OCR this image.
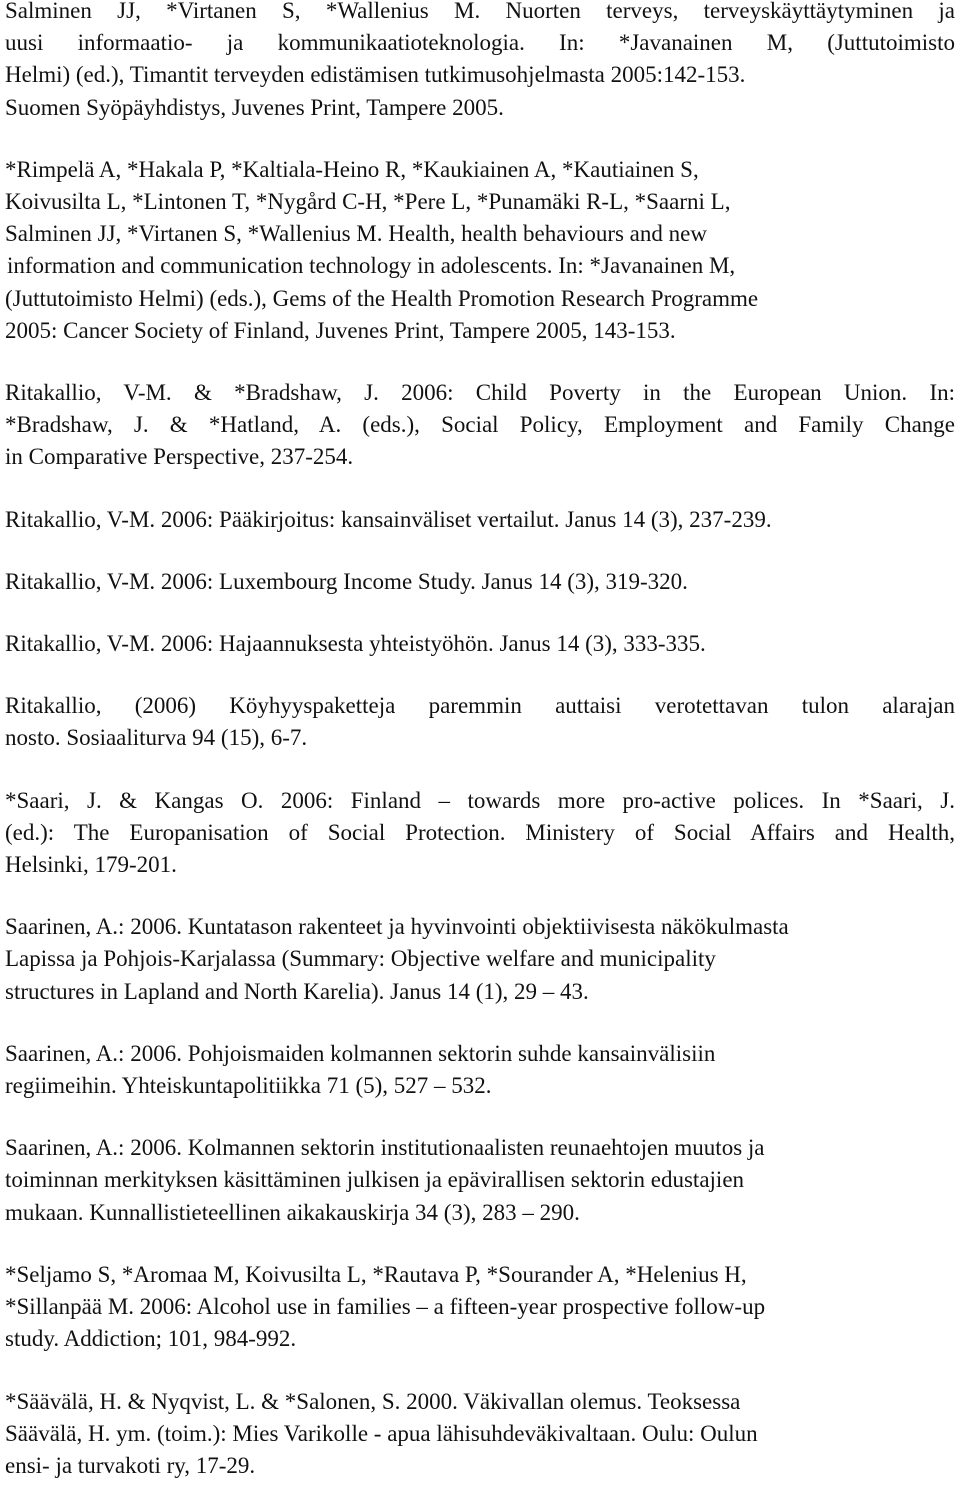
Salminen JJ, *Virtanen S, *Wallenius M. Nuorten terveys, terveyskäyttäytyminen ja
uusi informaatio- ja kommunikaatioteknologia. In: *Javanainen M, (Juttutoimisto
Helmi) (ed.), Timantit terveyden edistämisen tutkimusohjelmasta 2005:142-153.
Suomen Syöpäyhdistys, Juvenes Print, Tampere 2005.
*Rimpelä A, *Hakala P, *Kaltiala-Heino R, *Kaukiainen A, *Kautiainen S,
Koivusilta L, *Lintonen T, *Nygård C-H, *Pere L, *Punamäki R-L, *Saarni L,
Salminen JJ, *Virtanen S, *Wallenius M. Health, health behaviours and new
information and communication technology in adolescents. In: *Javanainen M,
(Juttutoimisto Helmi) (eds.), Gems of the Health Promotion Research Programme
2005: Cancer Society of Finland, Juvenes Print, Tampere 2005, 143-153.
Ritakallio, V-M. & *Bradshaw, J. 2006: Child Poverty in the European Union. In:
*Bradshaw, J. & *Hatland, A. (eds.), Social Policy, Employment and Family Change
in Comparative Perspective, 237-254.
Ritakallio, V-M. 2006: Pääkirjoitus: kansainväliset vertailut. Janus 14 (3), 237-239.
Ritakallio, V-M. 2006: Luxembourg Income Study. Janus 14 (3), 319-320.
Ritakallio, V-M. 2006: Hajaannuksesta yhteistyöhön. Janus 14 (3), 333-335.
Ritakallio, (2006) Köyhyyspaketteja paremmin auttaisi verotettavan tulon alarajan
nosto. Sosiaaliturva 94 (15), 6-7.
*Saari, J. & Kangas O. 2006: Finland – towards more pro-active polices. In *Saari, J.
(ed.): The Europanisation of Social Protection. Ministery of Social Affairs and Health,
Helsinki, 179-201.
Saarinen, A.: 2006. Kuntatason rakenteet ja hyvinvointi objektiivisesta näkökulmasta
Lapissa ja Pohjois-Karjalassa (Summary: Objective welfare and municipality
structures in Lapland and North Karelia). Janus 14 (1), 29 – 43.
Saarinen, A.: 2006. Pohjoismaiden kolmannen sektorin suhde kansainvälisiin
regiimeihin. Yhteiskuntapolitiikka 71 (5), 527 – 532.
Saarinen, A.: 2006. Kolmannen sektorin institutionaalisten reunaehtojen muutos ja
toiminnan merkityksen käsittäminen julkisen ja epävirallisen sektorin edustajien
mukaan. Kunnallistieteellinen aikakauskirja 34 (3), 283 – 290.
*Seljamo S, *Aromaa M, Koivusilta L, *Rautava P, *Sourander A, *Helenius H,
*Sillanpää M. 2006: Alcohol use in families – a fifteen-year prospective follow-up
study. Addiction; 101, 984-992.
*Säävälä, H. & Nyqvist, L. & *Salonen, S. 2000. Väkivallan olemus. Teoksessa
Säävälä, H. ym. (toim.): Mies Varikolle - apua lähisuhdeväkivaltaan. Oulu: Oulun
ensi- ja turvakoti ry, 17-29.
